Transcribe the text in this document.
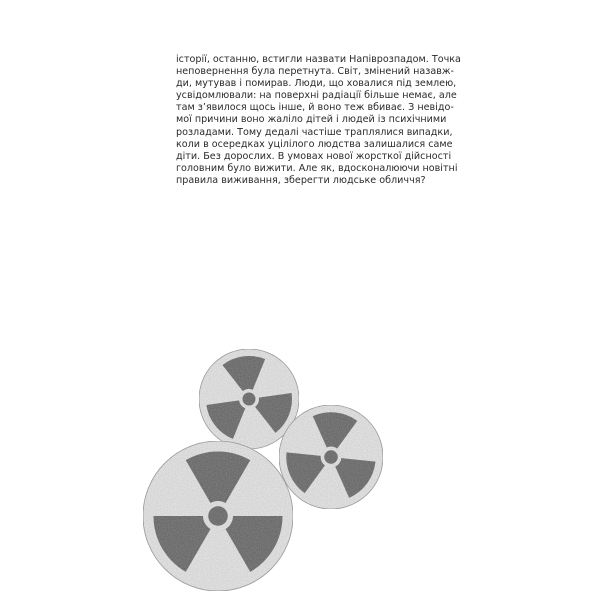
історії, останню, встигли назвати Напіврозпадом. Точка
неповернення була перетнута. Світ, змінений назавж-
ди, мутував і помирав. Люди, що ховалися під землею,
усвідомлювали: на поверхні радіації більше немає, але
там з’явилося щось інше, й воно теж вбиває. З невідо-
мої причини воно жаліло дітей і людей із психічними
розладами. Тому дедалі частіше траплялися випадки,
коли в осередках уцілілого людства залишалися саме
діти. Без дорослих. В умовах нової жорсткої дійсності
головним було вижити. Але як, вдосконалюючи новітні
правила виживання, зберегти людське обличчя?
